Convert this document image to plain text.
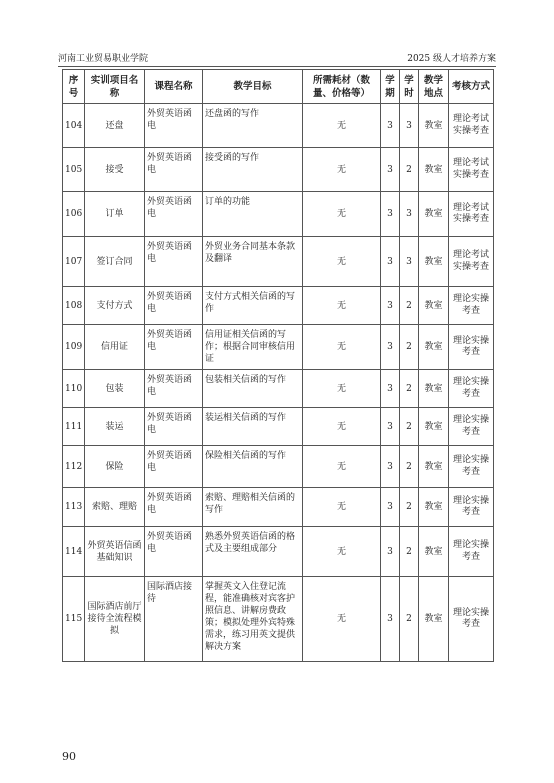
河南工业贸易职业学院	2025 级人才培养方案
序号	实训项目名称	课程名称	教学目标	所需耗材（数量、价格等）	学期	学时	教学地点	考核方式
104	还盘	外贸英语函电	还盘函的写作	无	3	3	教室	理论考试实操考查
105	接受	外贸英语函电	接受函的写作	无	3	2	教室	理论考试实操考查
106	订单	外贸英语函电	订单的功能	无	3	3	教室	理论考试实操考查
107	签订合同	外贸英语函电	外贸业务合同基本条款及翻译	无	3	3	教室	理论考试实操考查
108	支付方式	外贸英语函电	支付方式相关信函的写作	无	3	2	教室	理论实操考查
109	信用证	外贸英语函电	信用证相关信函的写作；根据合同审核信用证	无	3	2	教室	理论实操考查
110	包装	外贸英语函电	包装相关信函的写作	无	3	2	教室	理论实操考查
111	装运	外贸英语函电	装运相关信函的写作	无	3	2	教室	理论实操考查
112	保险	外贸英语函电	保险相关信函的写作	无	3	2	教室	理论实操考查
113	索赔、理赔	外贸英语函电	索赔、理赔相关信函的写作	无	3	2	教室	理论实操考查
114	外贸英语信函基础知识	外贸英语函电	熟悉外贸英语信函的格式及主要组成部分	无	3	2	教室	理论实操考查
115	国际酒店前厅接待全流程模拟	国际酒店接待	掌握英文入住登记流程，能准确核对宾客护照信息、讲解房费政策；模拟处理外宾特殊需求，练习用英文提供解决方案	无	3	2	教室	理论实操考查
90
